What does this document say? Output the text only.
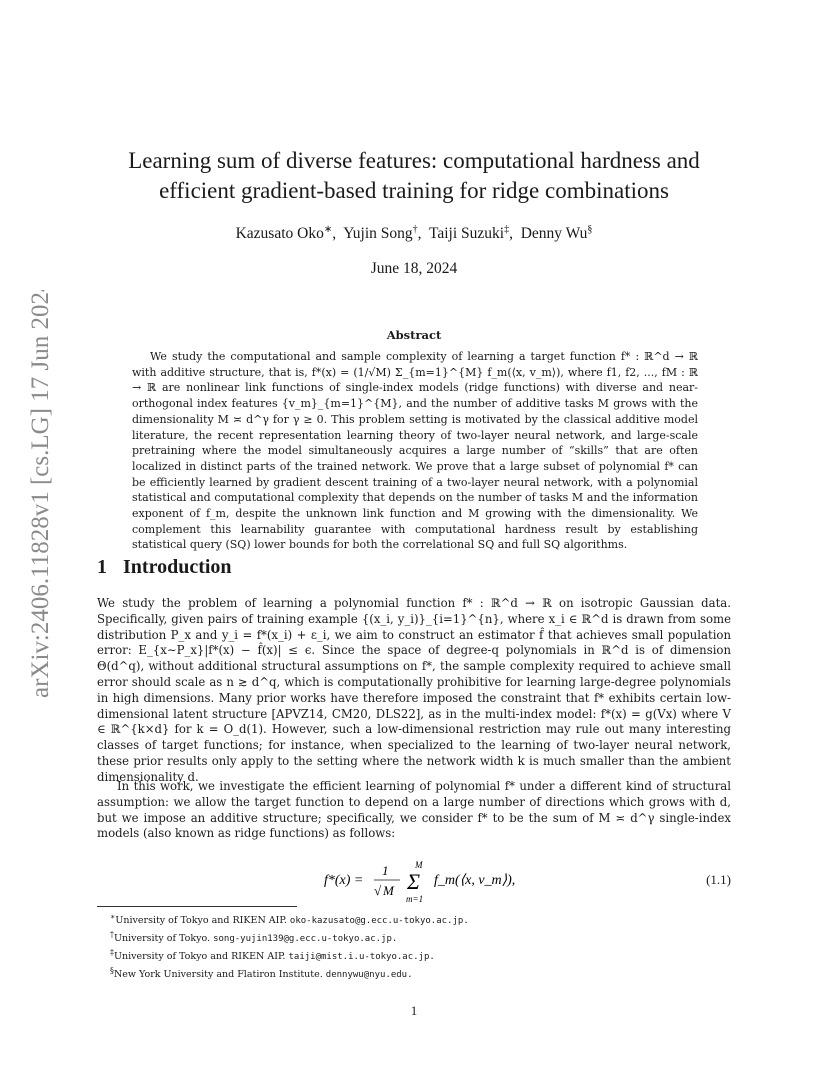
arXiv:2406.11828v1 [cs.LG] 17 Jun 2024
Learning sum of diverse features: computational hardness and
efficient gradient-based training for ridge combinations
Kazusato Oko∗,  Yujin Song†,  Taiji Suzuki‡,  Denny Wu§
June 18, 2024
Abstract
We study the computational and sample complexity of learning a target function f* : ℝ^d → ℝ with additive structure, that is, f*(x) = (1/√M) Σ_{m=1}^{M} f_m(⟨x, v_m⟩), where f1, f2, ..., fM : ℝ → ℝ are nonlinear link functions of single-index models (ridge functions) with diverse and near-orthogonal index features {v_m}_{m=1}^{M}, and the number of additive tasks M grows with the dimensionality M ≍ d^γ for γ ≥ 0. This problem setting is motivated by the classical additive model literature, the recent representation learning theory of two-layer neural network, and large-scale pretraining where the model simultaneously acquires a large number of “skills” that are often localized in distinct parts of the trained network. We prove that a large subset of polynomial f* can be efficiently learned by gradient descent training of a two-layer neural network, with a polynomial statistical and computational complexity that depends on the number of tasks M and the information exponent of f_m, despite the unknown link function and M growing with the dimensionality. We complement this learnability guarantee with computational hardness result by establishing statistical query (SQ) lower bounds for both the correlational SQ and full SQ algorithms.
1 Introduction
We study the problem of learning a polynomial function f* : ℝ^d → ℝ on isotropic Gaussian data. Specifically, given pairs of training example {(x_i, y_i)}_{i=1}^{n}, where x_i ∈ ℝ^d is drawn from some distribution P_x and y_i = f*(x_i) + ε_i, we aim to construct an estimator f̂ that achieves small population error: E_{x∼P_x}|f*(x) − f̂(x)| ≤ ϵ. Since the space of degree-q polynomials in ℝ^d is of dimension Θ(d^q), without additional structural assumptions on f*, the sample complexity required to achieve small error should scale as n ≳ d^q, which is computationally prohibitive for learning large-degree polynomials in high dimensions. Many prior works have therefore imposed the constraint that f* exhibits certain low-dimensional latent structure [APVZ14, CM20, DLS22], as in the multi-index model: f*(x) = g(Vx) where V ∈ ℝ^{k×d} for k = O_d(1). However, such a low-dimensional restriction may rule out many interesting classes of target functions; for instance, when specialized to the learning of two-layer neural network, these prior results only apply to the setting where the network width k is much smaller than the ambient dimensionality d.
In this work, we investigate the efficient learning of polynomial f* under a different kind of structural assumption: we allow the target function to depend on a large number of directions which grows with d, but we impose an additive structure; specifically, we consider f* to be the sum of M ≍ d^γ single-index models (also known as ridge functions) as follows:
f*(x) =
1
√ M
M
Σ
m=1
f_m(⟨x, v_m⟩),	(1.1)
∗University of Tokyo and RIKEN AIP. oko-kazusato@g.ecc.u-tokyo.ac.jp.
†University of Tokyo. song-yujin139@g.ecc.u-tokyo.ac.jp.
‡University of Tokyo and RIKEN AIP. taiji@mist.i.u-tokyo.ac.jp.
§New York University and Flatiron Institute. dennywu@nyu.edu.
1
